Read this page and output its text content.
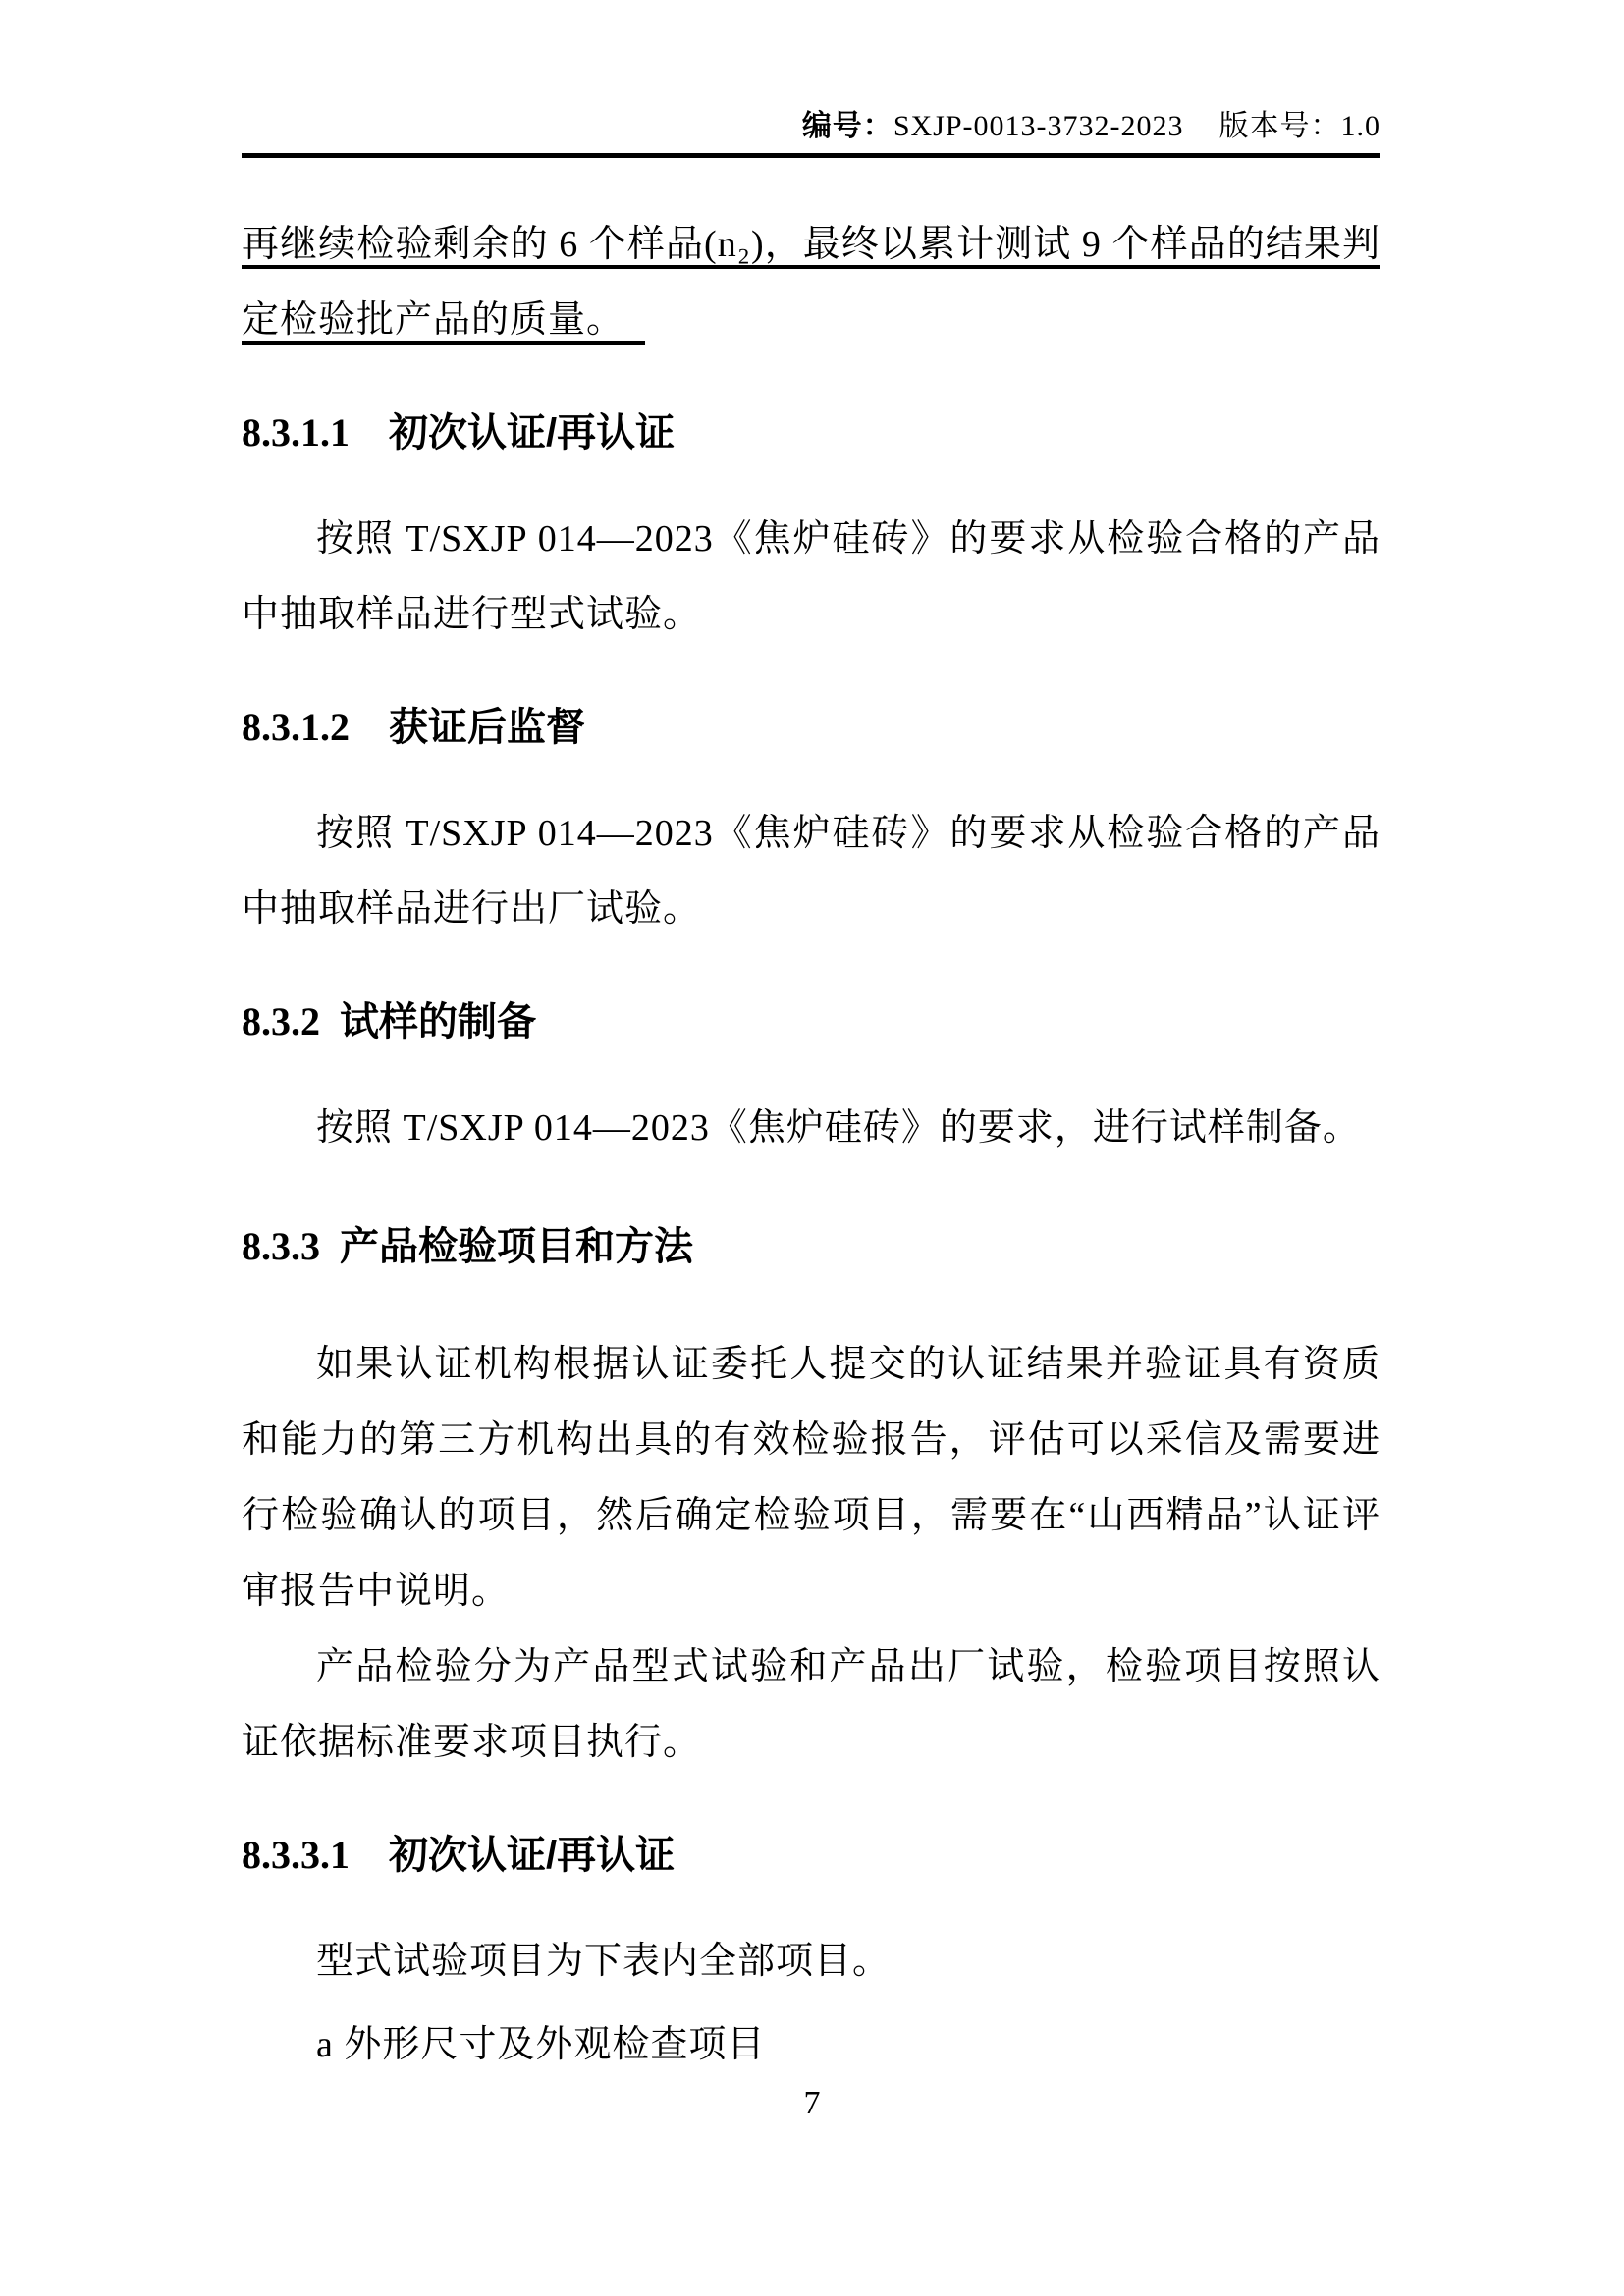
编号：SXJP-0013-3732-2023 版本号：1.0

再继续检验剩余的 6 个样品(n₂)，最终以累计测试 9 个样品的结果判定检验批产品的质量。

8.3.1.1 初次认证/再认证

按照 T/SXJP 014—2023《焦炉硅砖》的要求从检验合格的产品中抽取样品进行型式试验。

8.3.1.2 获证后监督

按照 T/SXJP 014—2023《焦炉硅砖》的要求从检验合格的产品中抽取样品进行出厂试验。

8.3.2 试样的制备

按照 T/SXJP 014—2023《焦炉硅砖》的要求，进行试样制备。

8.3.3 产品检验项目和方法

如果认证机构根据认证委托人提交的认证结果并验证具有资质和能力的第三方机构出具的有效检验报告，评估可以采信及需要进行检验确认的项目，然后确定检验项目，需要在“山西精品”认证评审报告中说明。

产品检验分为产品型式试验和产品出厂试验，检验项目按照认证依据标准要求项目执行。

8.3.3.1 初次认证/再认证

型式试验项目为下表内全部项目。

a 外形尺寸及外观检查项目

7
